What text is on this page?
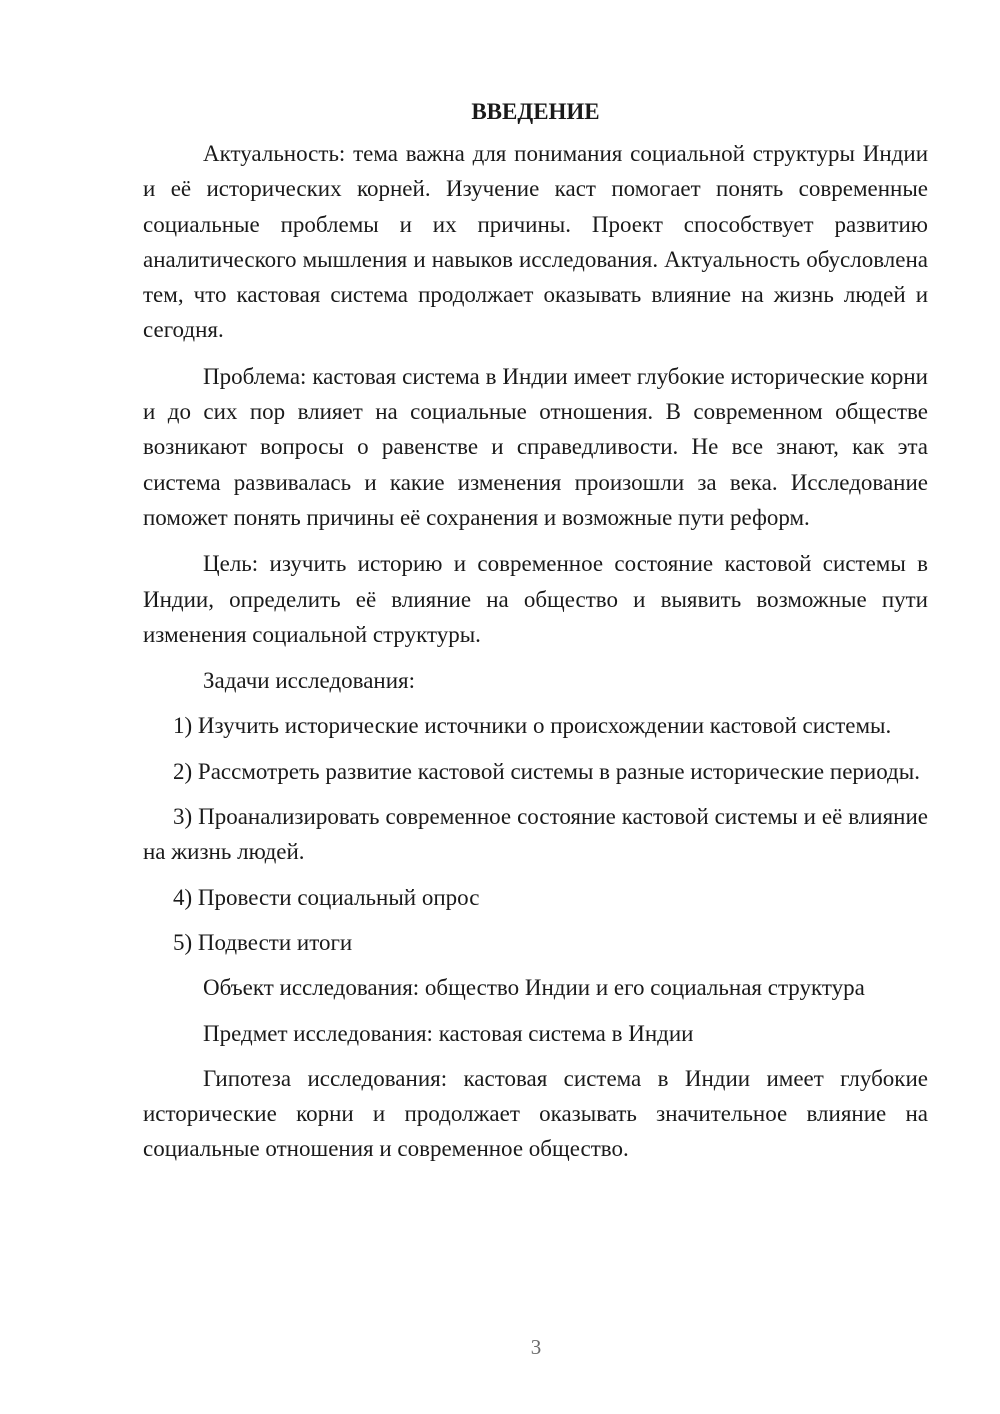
ВВЕДЕНИЕ

Актуальность: тема важна для понимания социальной структуры Индии и её исторических корней. Изучение каст помогает понять современные социальные проблемы и их причины. Проект способствует развитию аналитического мышления и навыков исследования. Актуальность обусловлена тем, что кастовая система продолжает оказывать влияние на жизнь людей и сегодня.

Проблема: кастовая система в Индии имеет глубокие исторические корни и до сих пор влияет на социальные отношения. В современном обществе возникают вопросы о равенстве и справедливости. Не все знают, как эта система развивалась и какие изменения произошли за века. Исследование поможет понять причины её сохранения и возможные пути реформ.

Цель: изучить историю и современное состояние кастовой системы в Индии, определить её влияние на общество и выявить возможные пути изменения социальной структуры.

Задачи исследования:

1) Изучить исторические источники о происхождении кастовой системы.

2) Рассмотреть развитие кастовой системы в разные исторические периоды.

3) Проанализировать современное состояние кастовой системы и её влияние на жизнь людей.

4) Провести социальный опрос

5) Подвести итоги

Объект исследования: общество Индии и его социальная структура

Предмет исследования: кастовая система в Индии

Гипотеза исследования: кастовая система в Индии имеет глубокие исторические корни и продолжает оказывать значительное влияние на социальные отношения и современное общество.

3
